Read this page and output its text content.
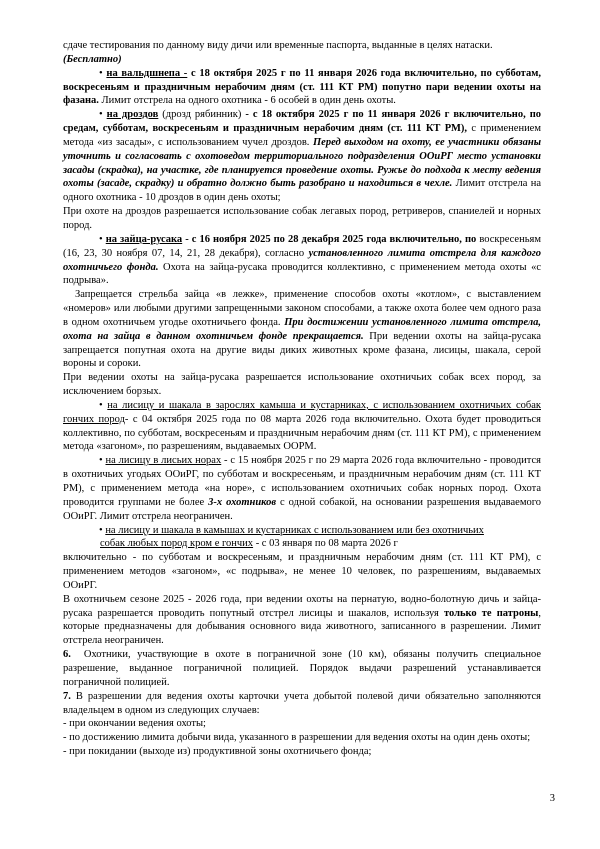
сдаче тестирования по данному виду дичи или временные паспорта, выданные в целях натаски.

(Бесплатно)

• на вальдшнепа - с 18 октября 2025 г по 11 января 2026 года включительно, по субботам, воскресеньям и праздничным нерабочим дням (ст. 111 КТ РМ) попутно пари ведении охоты на фазана. Лимит отстрела на одного охотника - 6 особей в один день охоты.

• на дроздов (дрозд рябинник) - с 18 октября 2025 г по 11 января 2026 г включительно, по средам, субботам, воскресеньям и праздничным нерабочим дням (ст. 111 КТ РМ), с применением метода «из засады», с использованием чучел дроздов. Перед выходом на охоту, ее участники обязаны уточнить и согласовать с охотоведом территориального подразделения ООиРГ место установки засады (скрадка), на участке, где планируется проведение охоты. Ружье до подхода к месту ведения охоты (засаде, скрадку) и обратно должно быть разобрано и находиться в чехле. Лимит отстрела на одного охотника - 10 дроздов в один день охоты;

При охоте на дроздов разрешается использование собак легавых пород, ретриверов, спаниелей и норных пород.

• на зайца-русака - с 16 ноября 2025 по 28 декабря 2025 года включительно, по воскресеньям (16, 23, 30 ноября 07, 14, 21, 28 декабря), согласно установленного лимита отстрела для каждого охотничьего фонда. Охота на зайца-русака проводится коллективно, с применением метода охоты «с подрыва».

Запрещается стрельба зайца «в лежке», применение способов охоты «котлом», с выставлением «номеров» или любыми другими запрещенными законом способами, а также охота более чем одного раза в одном охотничьем угодье охотничьего фонда. При достижении установленного лимита отстрела, охота на зайца в данном охотничьем фонде прекращается. При ведении охоты на зайца-русака запрещается попутная охота на другие виды диких животных кроме фазана, лисицы, шакала, серой вороны и сороки.

При ведении охоты на зайца-русака разрешается использование охотничьих собак всех пород, за исключением борзых.

• на лисицу и шакала в зарослях камыша и кустарниках, с использованием охотничьих собак гончих пород- с 04 октября 2025 года по 08 марта 2026 года включительно. Охота будет проводиться коллективно, по субботам, воскресеньям и праздничным нерабочим дням (ст. 111 КТ РМ), с применением метода «загоном», по разрешениям, выдаваемых ООРМ.

• на лисицу в лисьих норах - с 15 ноября 2025 г по 29 марта 2026 года включительно - проводится в охотничьих угодьях ООиРГ, по субботам и воскресеньям, и праздничным нерабочим дням (ст. 111 КТ РМ), с применением метода «на норе», с использованием охотничьих собак норных пород. Охота проводится группами не более 3-х охотников с одной собакой, на основании разрешения выдаваемого ООиРГ. Лимит отстрела неограничен.

• на лисицу и шакала в камышах и кустарниках с использованием или без охотничьих
собак любых пород кром е гончих - с 03 января по 08 марта 2026 г
включительно - по субботам и воскресеньям, и праздничным нерабочим дням (ст. 111 КТ РМ), с применением методов «загоном», «с подрыва», не менее 10 человек, по разрешениям, выдаваемых ООиРГ.

В охотничьем сезоне 2025 - 2026 года, при ведении охоты на пернатую, водно-болотную дичь и зайца-русака разрешается проводить попутный отстрел лисицы и шакалов, используя только те патроны, которые предназначены для добывания основного вида животного, записанного в разрешении. Лимит отстрела неограничен.

6.  Охотники, участвующие в охоте в пограничной зоне (10 км), обязаны получить специальное разрешение, выданное пограничной полицией. Порядок выдачи разрешений устанавливается пограничной полицией.

7. В разрешении для ведения охоты карточки учета добытой полевой дичи обязательно заполняются владельцем в одном из следующих случаев:

- при окончании ведения охоты;

- по достижению лимита добычи вида, указанного в разрешении для ведения охоты на один день охоты;

- при покидании (выходе из) продуктивной зоны охотничьего фонда;

3
